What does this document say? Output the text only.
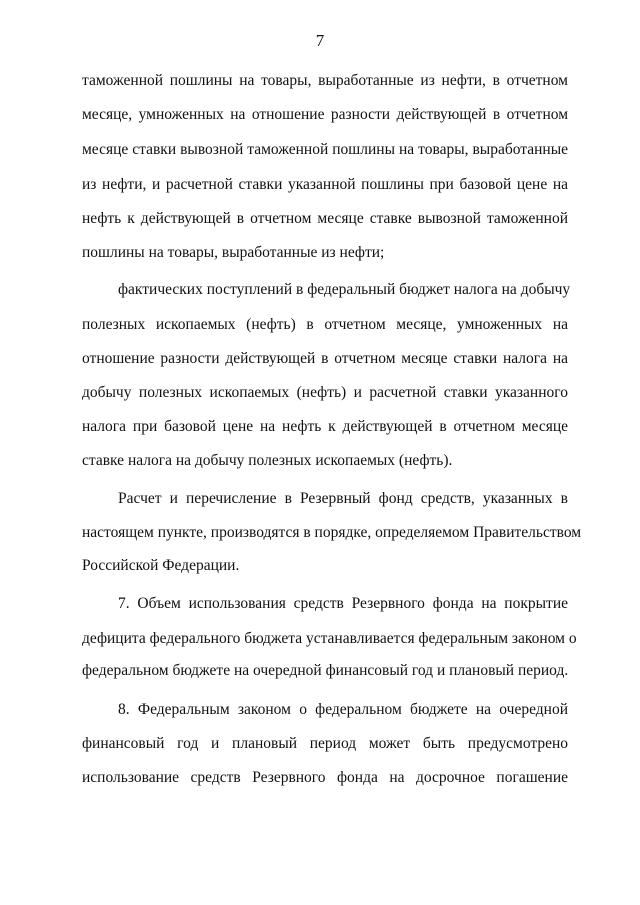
7
таможенной пошлины на товары, выработанные из нефти, в отчетном
месяце, умноженных на отношение разности действующей в отчетном
месяце ставки вывозной таможенной пошлины на товары, выработанные
из нефти, и расчетной ставки указанной пошлины при базовой цене на
нефть к действующей в отчетном месяце ставке вывозной таможенной
пошлины на товары, выработанные из нефти;
фактических поступлений в федеральный бюджет налога на добычу
полезных ископаемых (нефть) в отчетном месяце, умноженных на
отношение разности действующей в отчетном месяце ставки налога на
добычу полезных ископаемых (нефть) и расчетной ставки указанного
налога при базовой цене на нефть к действующей в отчетном месяце
ставке налога на добычу полезных ископаемых (нефть).
Расчет и перечисление в Резервный фонд средств, указанных в
настоящем пункте, производятся в порядке, определяемом Правительством
Российской Федерации.
7. Объем использования средств Резервного фонда на покрытие
дефицита федерального бюджета устанавливается федеральным законом о
федеральном бюджете на очередной финансовый год и плановый период.
8. Федеральным законом о федеральном бюджете на очередной
финансовый год и плановый период может быть предусмотрено
использование средств Резервного фонда на досрочное погашение
